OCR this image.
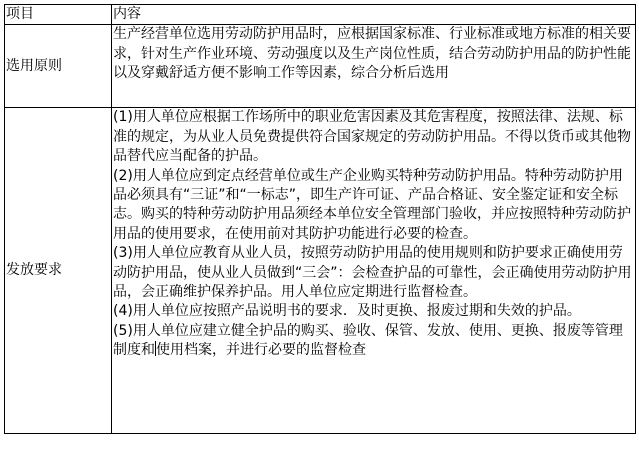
项目	内容
选用原则	生产经营单位选用劳动防护用品时，应根据国家标准、行业标准或地方标准的相关要求，针对生产作业环境、劳动强度以及生产岗位性质，结合劳动防护用品的防护性能以及穿戴舒适方便不影响工作等因素，综合分析后选用
发放要求	(1)用人单位应根据工作场所中的职业危害因素及其危害程度，按照法律、法规、标准的规定，为从业人员免费提供符合国家规定的劳动防护用品。不得以货币或其他物品替代应当配备的护品。
(2)用人单位应到定点经营单位或生产企业购买特种劳动防护用品。特种劳动防护用品必须具有“三证”和“一标志”，即生产许可证、产品合格证、安全鉴定证和安全标志。购买的特种劳动防护用品须经本单位安全管理部门验收，并应按照特种劳动防护用品的使用要求，在使用前对其防护功能进行必要的检查。
(3)用人单位应教育从业人员，按照劳动防护用品的使用规则和防护要求正确使用劳动防护用品，使从业人员做到“三会”：会检查护品的可靠性，会正确使用劳动防护用品，会正确维护保养护品。用人单位应定期进行监督检查。
(4)用人单位应按照产品说明书的要求．及时更换、报废过期和失效的护品。
(5)用人单位应建立健全护品的购买、验收、保管、发放、使用、更换、报废等管理制度和使用档案，并进行必要的监督检查
